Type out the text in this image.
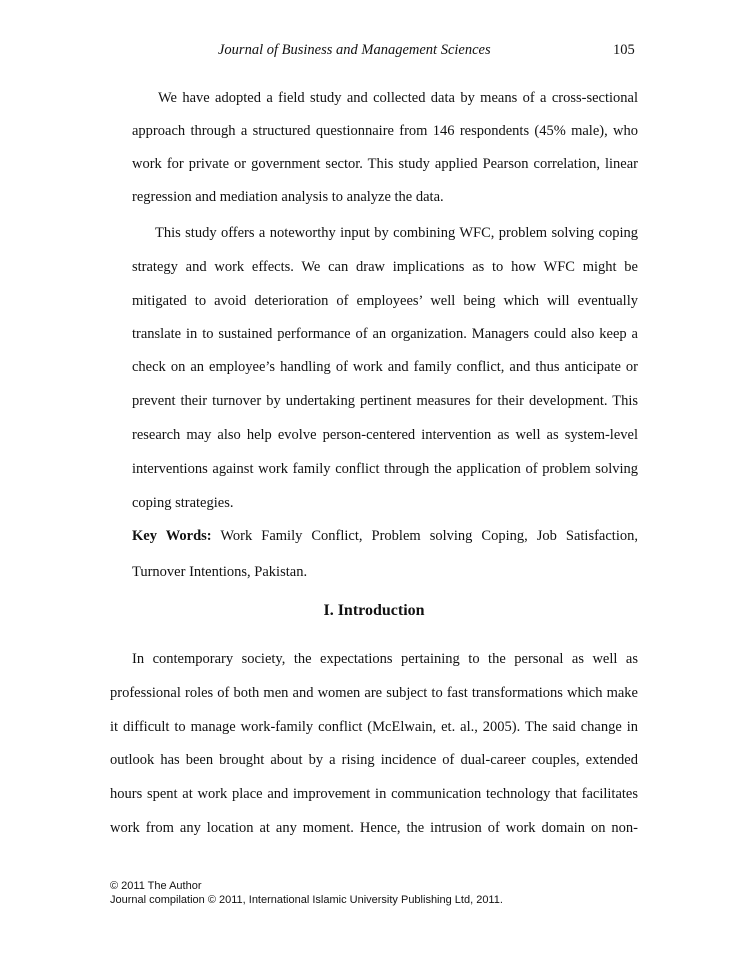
Journal of Business and Management Sciences	105
We have adopted a field study and collected data by means of a cross-sectional
approach through a structured questionnaire from 146 respondents (45% male), who
work for private or government sector. This study applied Pearson correlation, linear
regression and mediation analysis to analyze the data.
This study offers a noteworthy input by combining WFC, problem solving coping
strategy and work effects. We can draw implications as to how WFC might be
mitigated to avoid deterioration of employees’ well being which will eventually
translate in to sustained performance of an organization. Managers could also keep a
check on an employee’s handling of work and family conflict, and thus anticipate or
prevent their turnover by undertaking pertinent measures for their development. This
research may also help evolve person-centered intervention as well as system-level
interventions against work family conflict through the application of problem solving
coping strategies.
Key Words: Work Family Conflict, Problem solving Coping, Job Satisfaction,
Turnover Intentions, Pakistan.
I. Introduction
In contemporary society, the expectations pertaining to the personal as well as
professional roles of both men and women are subject to fast transformations which make
it difficult to manage work-family conflict (McElwain, et. al., 2005). The said change in
outlook has been brought about by a rising incidence of dual-career couples, extended
hours spent at work place and improvement in communication technology that facilitates
work from any location at any moment. Hence, the intrusion of work domain on non-
© 2011 The Author
Journal compilation © 2011, International Islamic University Publishing Ltd, 2011.
